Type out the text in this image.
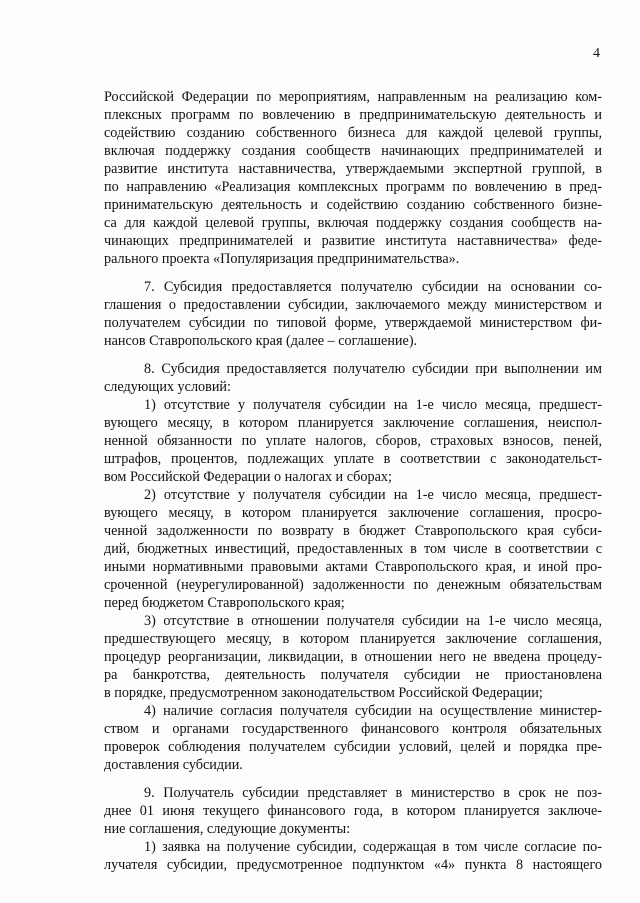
4
Российской Федерации по мероприятиям, направленным на реализацию ком-
плексных программ по вовлечению в предпринимательскую деятельность и
содействию созданию собственного бизнеса для каждой целевой группы,
включая поддержку создания сообществ начинающих предпринимателей и
развитие института наставничества, утверждаемыми экспертной группой, в
по направлению «Реализация комплексных программ по вовлечению в пред-
принимательскую деятельность и содействию созданию собственного бизне-
са для каждой целевой группы, включая поддержку создания сообществ на-
чинающих предпринимателей и развитие института наставничества» феде-
рального проекта «Популяризация предпринимательства».
7. Субсидия предоставляется получателю субсидии на основании со-
глашения о предоставлении субсидии, заключаемого между министерством и
получателем субсидии по типовой форме, утверждаемой министерством фи-
нансов Ставропольского края (далее – соглашение).
8. Субсидия предоставляется получателю субсидии при выполнении им
следующих условий:
1) отсутствие у получателя субсидии на 1-е число месяца, предшест-
вующего месяцу, в котором планируется заключение соглашения, неиспол-
ненной обязанности по уплате налогов, сборов, страховых взносов, пеней,
штрафов, процентов, подлежащих уплате в соответствии с законодательст-
вом Российской Федерации о налогах и сборах;
2) отсутствие у получателя субсидии на 1-е число месяца, предшест-
вующего месяцу, в котором планируется заключение соглашения, просро-
ченной задолженности по возврату в бюджет Ставропольского края субси-
дий, бюджетных инвестиций, предоставленных в том числе в соответствии с
иными нормативными правовыми актами Ставропольского края, и иной про-
сроченной (неурегулированной) задолженности по денежным обязательствам
перед бюджетом Ставропольского края;
3) отсутствие в отношении получателя субсидии на 1-е число месяца,
предшествующего месяцу, в котором планируется заключение соглашения,
процедур реорганизации, ликвидации, в отношении него не введена процеду-
ра банкротства, деятельность получателя субсидии не приостановлена
в порядке, предусмотренном законодательством Российской Федерации;
4) наличие согласия получателя субсидии на осуществление министер-
ством и органами государственного финансового контроля обязательных
проверок соблюдения получателем субсидии условий, целей и порядка пре-
доставления субсидии.
9. Получатель субсидии представляет в министерство в срок не поз-
днее 01 июня текущего финансового года, в котором планируется заключе-
ние соглашения, следующие документы:
1) заявка на получение субсидии, содержащая в том числе согласие по-
лучателя субсидии, предусмотренное подпунктом «4» пункта 8 настоящего
